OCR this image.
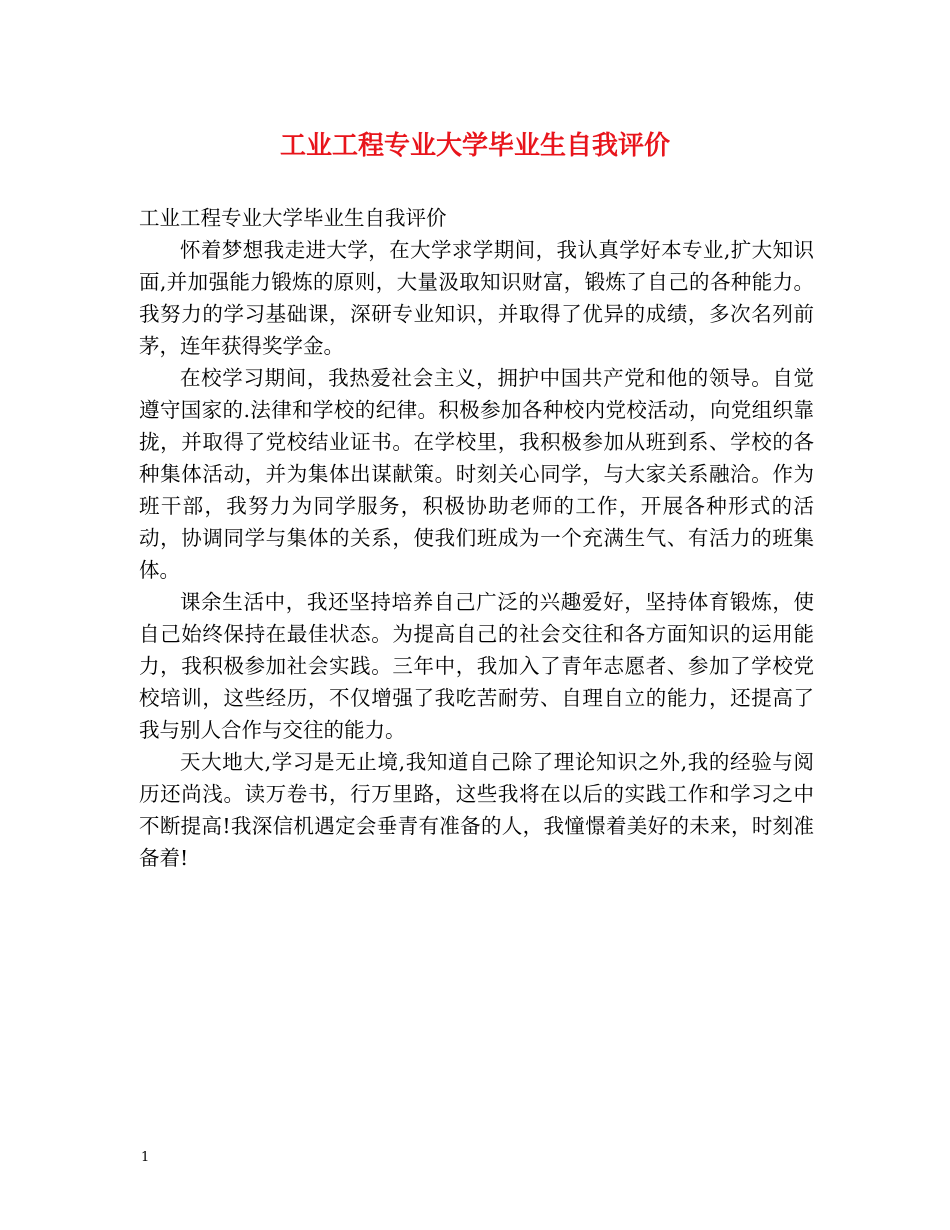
工业工程专业大学毕业生自我评价

工业工程专业大学毕业生自我评价

怀着梦想我走进大学，在大学求学期间，我认真学好本专业,扩大知识面,并加强能力锻炼的原则，大量汲取知识财富，锻炼了自己的各种能力。我努力的学习基础课，深研专业知识，并取得了优异的成绩，多次名列前茅，连年获得奖学金。

在校学习期间，我热爱社会主义，拥护中国共产党和他的领导。自觉遵守国家的.法律和学校的纪律。积极参加各种校内党校活动，向党组织靠拢，并取得了党校结业证书。在学校里，我积极参加从班到系、学校的各种集体活动，并为集体出谋献策。时刻关心同学，与大家关系融洽。作为班干部，我努力为同学服务，积极协助老师的工作，开展各种形式的活动，协调同学与集体的关系，使我们班成为一个充满生气、有活力的班集体。

课余生活中，我还坚持培养自己广泛的兴趣爱好，坚持体育锻炼，使自己始终保持在最佳状态。为提高自己的社会交往和各方面知识的运用能力，我积极参加社会实践。三年中，我加入了青年志愿者、参加了学校党校培训，这些经历，不仅增强了我吃苦耐劳、自理自立的能力，还提高了我与别人合作与交往的能力。

天大地大,学习是无止境,我知道自己除了理论知识之外,我的经验与阅历还尚浅。读万卷书，行万里路，这些我将在以后的实践工作和学习之中不断提高!我深信机遇定会垂青有准备的人，我憧憬着美好的未来，时刻准备着!

1
